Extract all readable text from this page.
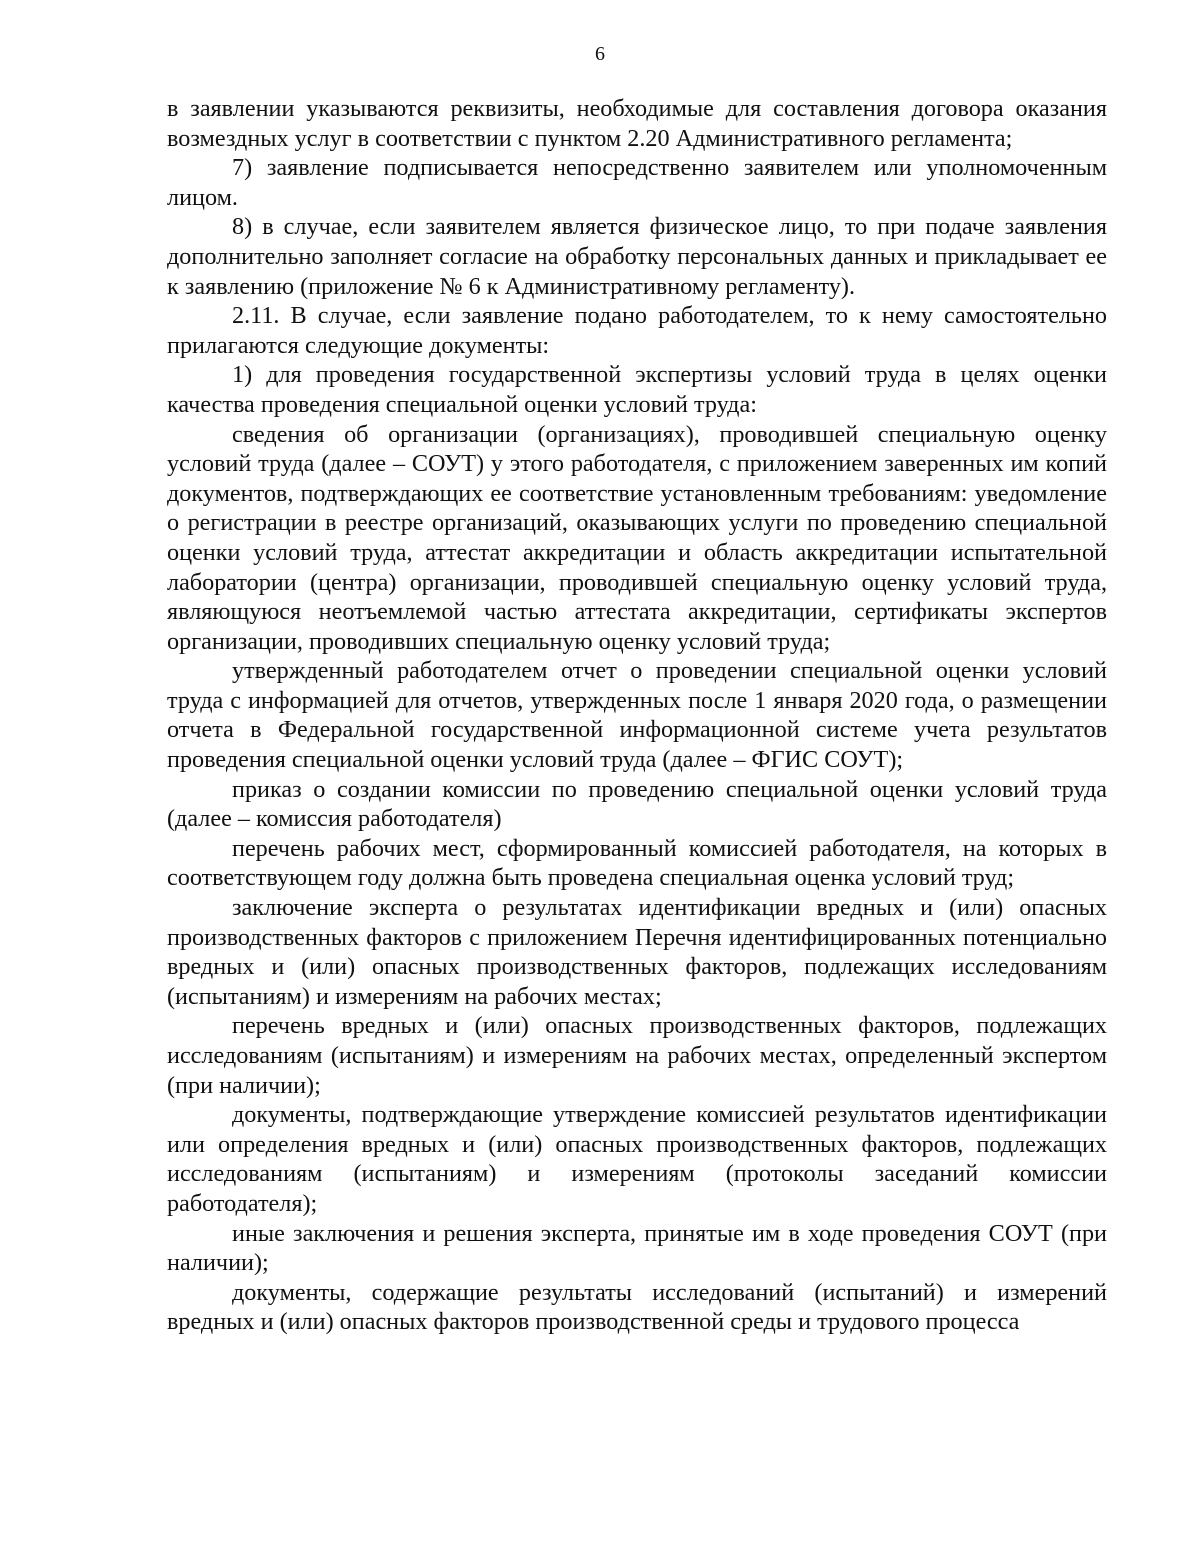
6

в заявлении указываются реквизиты, необходимые для составления договора оказания возмездных услуг в соответствии с пунктом 2.20 Административного регламента;

7) заявление подписывается непосредственно заявителем или уполномоченным лицом.

8) в случае, если заявителем является физическое лицо, то при подаче заявления дополнительно заполняет согласие на обработку персональных данных и прикладывает ее к заявлению (приложение № 6 к Административному регламенту).

2.11. В случае, если заявление подано работодателем, то к нему самостоятельно прилагаются следующие документы:

1) для проведения государственной экспертизы условий труда в целях оценки качества проведения специальной оценки условий труда:

сведения об организации (организациях), проводившей специальную оценку условий труда (далее – СОУТ) у этого работодателя, с приложением заверенных им копий документов, подтверждающих ее соответствие установленным требованиям: уведомление о регистрации в реестре организаций, оказывающих услуги по проведению специальной оценки условий труда, аттестат аккредитации и область аккредитации испытательной лаборатории (центра) организации, проводившей специальную оценку условий труда, являющуюся неотъемлемой частью аттестата аккредитации, сертификаты экспертов организации, проводивших специальную оценку условий труда;

утвержденный работодателем отчет о проведении специальной оценки условий труда с информацией для отчетов, утвержденных после 1 января 2020 года, о размещении отчета в Федеральной государственной информационной системе учета результатов проведения специальной оценки условий труда (далее – ФГИС СОУТ);

приказ о создании комиссии по проведению специальной оценки условий труда (далее – комиссия работодателя)

перечень рабочих мест, сформированный комиссией работодателя, на которых в соответствующем году должна быть проведена специальная оценка условий труд;

заключение эксперта о результатах идентификации вредных и (или) опасных производственных факторов с приложением Перечня идентифицированных потенциально вредных и (или) опасных производственных факторов, подлежащих исследованиям (испытаниям) и измерениям на рабочих местах;

перечень вредных и (или) опасных производственных факторов, подлежащих исследованиям (испытаниям) и измерениям на рабочих местах, определенный экспертом (при наличии);

документы, подтверждающие утверждение комиссией результатов идентификации или определения вредных и (или) опасных производственных факторов, подлежащих исследованиям (испытаниям) и измерениям (протоколы заседаний комиссии работодателя);

иные заключения и решения эксперта, принятые им в ходе проведения СОУТ (при наличии);

документы, содержащие результаты исследований (испытаний) и измерений вредных и (или) опасных факторов производственной среды и трудового процесса
